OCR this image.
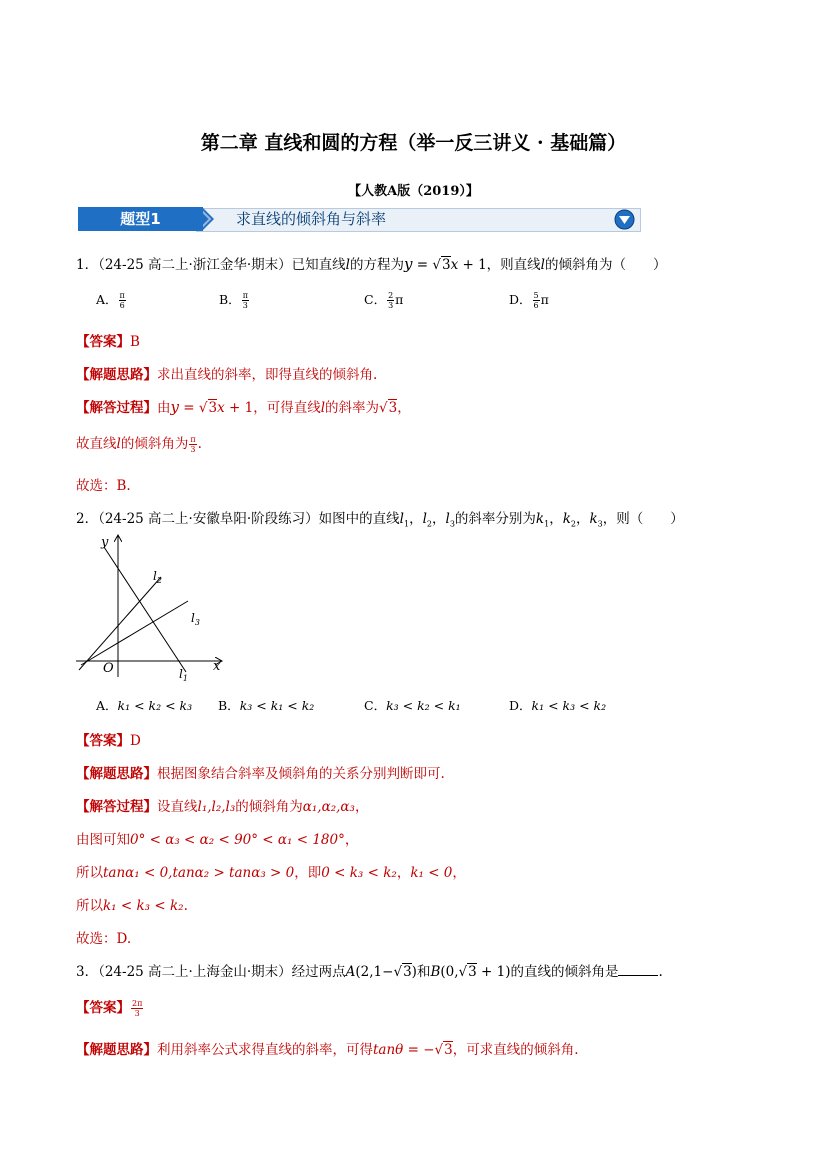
第二章 直线和圆的方程（举一反三讲义 · 基础篇）
【人教A版（2019）】
题型1	求直线的倾斜角与斜率
1．（24-25 高二上·浙江金华·期末）已知直线l的方程为y = √3x + 1，则直线l的倾斜角为（　　）
A． $\frac{\pi}{6}$	B． $\frac{\pi}{3}$	C． $\frac{2}{3}$ π	D． $\frac{5}{6}$ π
【答案】B
【解题思路】求出直线的斜率，即得直线的倾斜角.
【解答过程】由y = √3x + 1，可得直线l的斜率为√3，
故直线l的倾斜角为 $\frac{\pi}{3}$ .
故选：B.
2．（24-25 高二上·安徽阜阳·阶段练习）如图中的直线$l_1$，$l_2$，$l_3$的斜率分别为$k_1$，$k_2$，$k_3$，则（　　）
y
x
O
$l_2$
$l_3$
$l_1$
A．k₁ < k₂ < k₃ B．k₃ < k₁ < k₂	C．k₃ < k₂ < k₁	D．k₁ < k₃ < k₂
【答案】D
【解题思路】根据图象结合斜率及倾斜角的关系分别判断即可.
【解答过程】设直线l₁,l₂,l₃的倾斜角为α₁,α₂,α₃，
由图可知0° < α₃ < α₂ < 90° < α₁ < 180°，
所以tanα₁ < 0,tanα₂ > tanα₃ > 0，即0 < k₃ < k₂，k₁ < 0，
所以k₁ < k₃ < k₂.
故选：D.
3．（24-25 高二上·上海金山·期末）经过两点A(2,1−√3)和B(0,√3 + 1)的直线的倾斜角是	.
【答案】 $\frac{2\pi}{3}$
【解题思路】利用斜率公式求得直线的斜率，可得tanθ = −√3，可求直线的倾斜角.
